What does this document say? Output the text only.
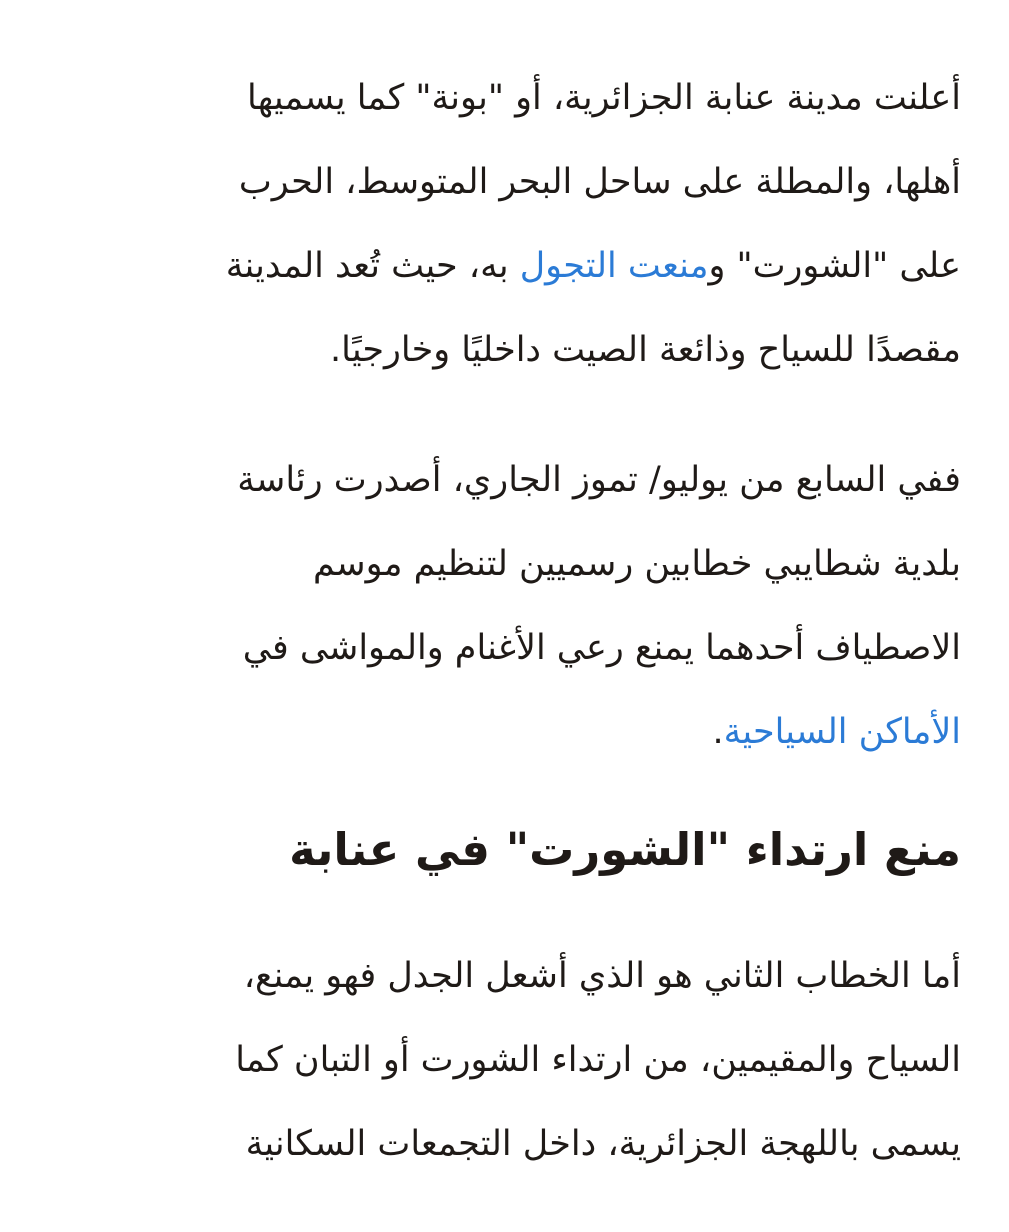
أعلنت مدينة عنابة الجزائرية، أو "بونة" كما يسميها
أهلها، والمطلة على ساحل البحر المتوسط، الحرب
على "الشورت" ومنعت التجول به، حيث تُعد المدينة
مقصدًا للسياح وذائعة الصيت داخليًا وخارجيًا.

ففي السابع من يوليو/ تموز الجاري، أصدرت رئاسة
بلدية شطايبي خطابين رسميين لتنظيم موسم
الاصطياف أحدهما يمنع رعي الأغنام والمواشى في
الأماكن السياحية.

منع ارتداء "الشورت" في عنابة

أما الخطاب الثاني هو الذي أشعل الجدل فهو يمنع،
السياح والمقيمين، من ارتداء الشورت أو التبان كما
يسمى باللهجة الجزائرية، داخل التجمعات السكانية
